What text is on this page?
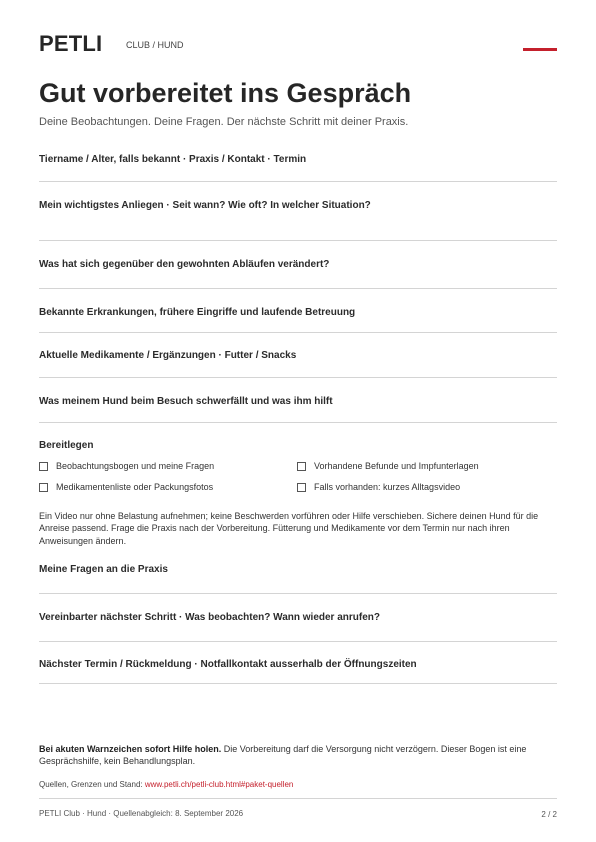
PETLI	CLUB / HUND
Gut vorbereitet ins Gespräch
Deine Beobachtungen. Deine Fragen. Der nächste Schritt mit deiner Praxis.
Tiername / Alter, falls bekannt · Praxis / Kontakt · Termin
Mein wichtigstes Anliegen · Seit wann? Wie oft? In welcher Situation?
Was hat sich gegenüber den gewohnten Abläufen verändert?
Bekannte Erkrankungen, frühere Eingriffe und laufende Betreuung
Aktuelle Medikamente / Ergänzungen · Futter / Snacks
Was meinem Hund beim Besuch schwerfällt und was ihm hilft
Bereitlegen
Beobachtungsbogen und meine Fragen	Vorhandene Befunde und Impfunterlagen
Medikamentenliste oder Packungsfotos	Falls vorhanden: kurzes Alltagsvideo
Ein Video nur ohne Belastung aufnehmen; keine Beschwerden vorführen oder Hilfe verschieben. Sichere deinen Hund für die Anreise passend. Frage die Praxis nach der Vorbereitung. Fütterung und Medikamente vor dem Termin nur nach ihren Anweisungen ändern.
Meine Fragen an die Praxis
Vereinbarter nächster Schritt · Was beobachten? Wann wieder anrufen?
Nächster Termin / Rückmeldung · Notfallkontakt ausserhalb der Öffnungszeiten
Bei akuten Warnzeichen sofort Hilfe holen. Die Vorbereitung darf die Versorgung nicht verzögern. Dieser Bogen ist eine Gesprächshilfe, kein Behandlungsplan.
Quellen, Grenzen und Stand: www.petli.ch/petli-club.html#paket-quellen
PETLI Club · Hund · Quellenabgleich: 8. September 2026	2 / 2
